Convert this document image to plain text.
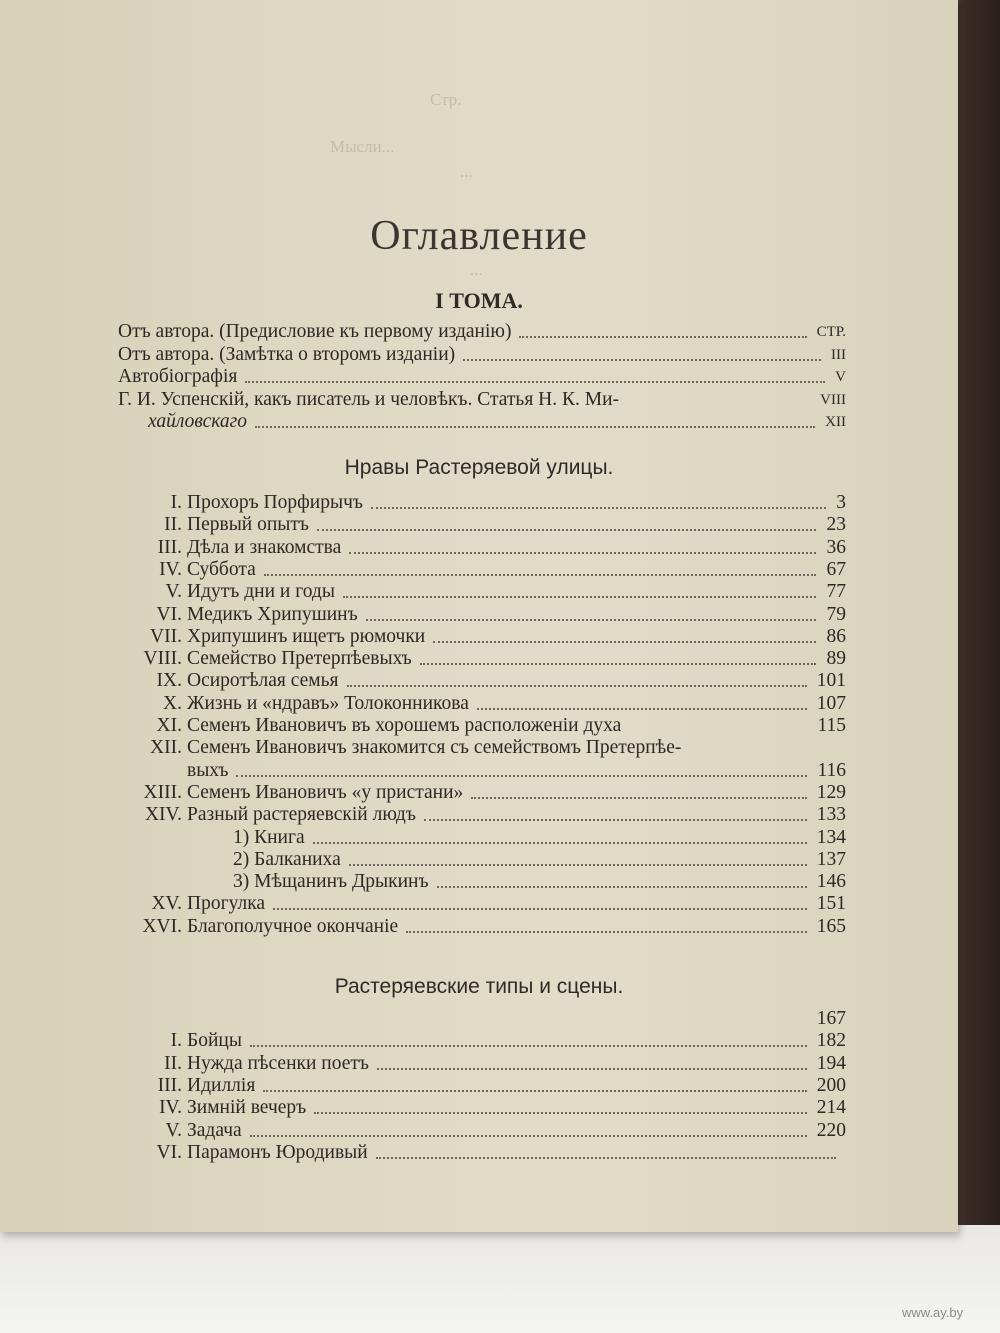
Стр.
Мысли...
...
...
Оглавление
I ТОМА.
Отъ автора. (Предисловие къ первому изданію)	СТР.
Отъ автора. (Замѣтка о второмъ изданіи)	III
Автобіографія	V
Г. И. Успенскій, какъ писатель и человѣкъ. Статья Н. К. Ми-	VIII
хайловскаго	XII
Нравы Растеряевой улицы.
I. Прохоръ Порфирычъ	3
II. Первый опытъ	23
III. Дѣла и знакомства	36
IV. Суббота	67
V. Идутъ дни и годы	77
VI. Медикъ Хрипушинъ	79
VII. Хрипушинъ ищетъ рюмочки	86
VIII. Семейство Претерпѣевыхъ	89
IX. Осиротѣлая семья	101
X. Жизнь и «ндравъ» Толоконникова	107
XI. Семенъ Ивановичъ въ хорошемъ расположеніи духа	115
XII. Семенъ Ивановичъ знакомится съ семействомъ Претерпѣе-
выхъ	116
XIII. Семенъ Ивановичъ «у пристани»	129
XIV. Разный растеряевскій людъ	133
1) Книга	134
2) Балканиха	137
3) Мѣщанинъ Дрыкинъ	146
XV. Прогулка	151
XVI. Благополучное окончаніе	165
Растеряевские типы и сцены.
167
I. Бойцы	182
II. Нужда пѣсенки поетъ	194
III. Идиллія	200
IV. Зимній вечеръ	214
V. Задача	220
VI. Парамонъ Юродивый
www.ay.by
